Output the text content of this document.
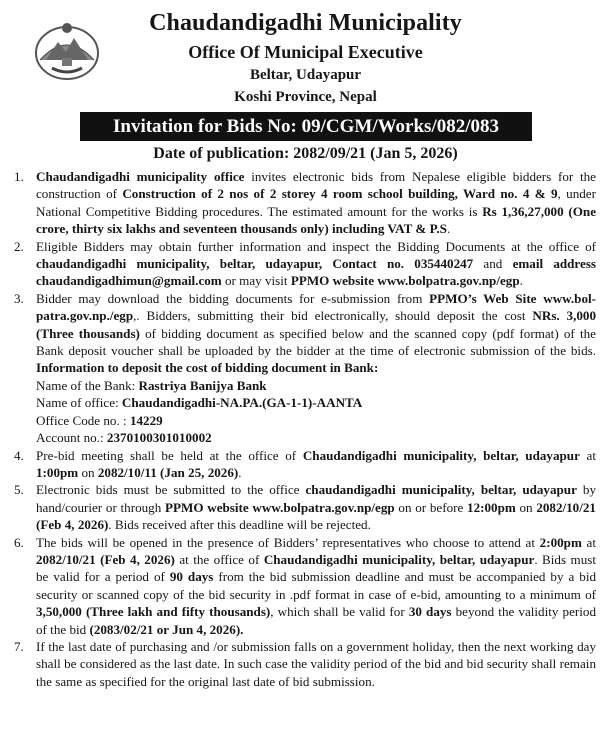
Chaudandigadhi Municipality
Office Of Municipal Executive
Beltar, Udayapur
Koshi Province, Nepal
Invitation for Bids No: 09/CGM/Works/082/083
Date of publication: 2082/09/21 (Jan 5, 2026)
1. Chaudandigadhi municipality office invites electronic bids from Nepalese eligible bidders for the construction of Construction of 2 nos of 2 storey 4 room school building, Ward no. 4 & 9, under National Competitive Bidding procedures. The estimated amount for the works is Rs 1,36,27,000 (One crore, thirty six lakhs and seventeen thousands only) including VAT & P.S.
2. Eligible Bidders may obtain further information and inspect the Bidding Documents at the office of chaudandigadhi municipality, beltar, udayapur, Contact no. 035440247 and email address chaudandigadhimun@gmail.com or may visit PPMO website www.bolpatra.gov.np/egp.
3. Bidder may download the bidding documents for e-submission from PPMO’s Web Site www.bol-patra.gov.np./egp,. Bidders, submitting their bid electronically, should deposit the cost NRs. 3,000 (Three thousands) of bidding document as specified below and the scanned copy (pdf format) of the Bank deposit voucher shall be uploaded by the bidder at the time of electronic submission of the bids. Information to deposit the cost of bidding document in Bank:
Name of the Bank: Rastriya Banijya Bank
Name of office: Chaudandigadhi-NA.PA.(GA-1-1)-AANTA
Office Code no. : 14229
Account no.: 2370100301010002
4. Pre-bid meeting shall be held at the office of Chaudandigadhi municipality, beltar, udayapur at 1:00pm on 2082/10/11 (Jan 25, 2026).
5. Electronic bids must be submitted to the office chaudandigadhi municipality, beltar, udayapur by hand/courier or through PPMO website www.bolpatra.gov.np/egp on or before 12:00pm on 2082/10/21 (Feb 4, 2026). Bids received after this deadline will be rejected.
6. The bids will be opened in the presence of Bidders’ representatives who choose to attend at 2:00pm at 2082/10/21 (Feb 4, 2026) at the office of Chaudandigadhi municipality, beltar, udayapur. Bids must be valid for a period of 90 days from the bid submission deadline and must be accompanied by a bid security or scanned copy of the bid security in .pdf format in case of e-bid, amounting to a minimum of 3,50,000 (Three lakh and fifty thousands), which shall be valid for 30 days beyond the validity period of the bid (2083/02/21 or Jun 4, 2026).
7. If the last date of purchasing and /or submission falls on a government holiday, then the next working day shall be considered as the last date. In such case the validity period of the bid and bid security shall remain the same as specified for the original last date of bid submission.
